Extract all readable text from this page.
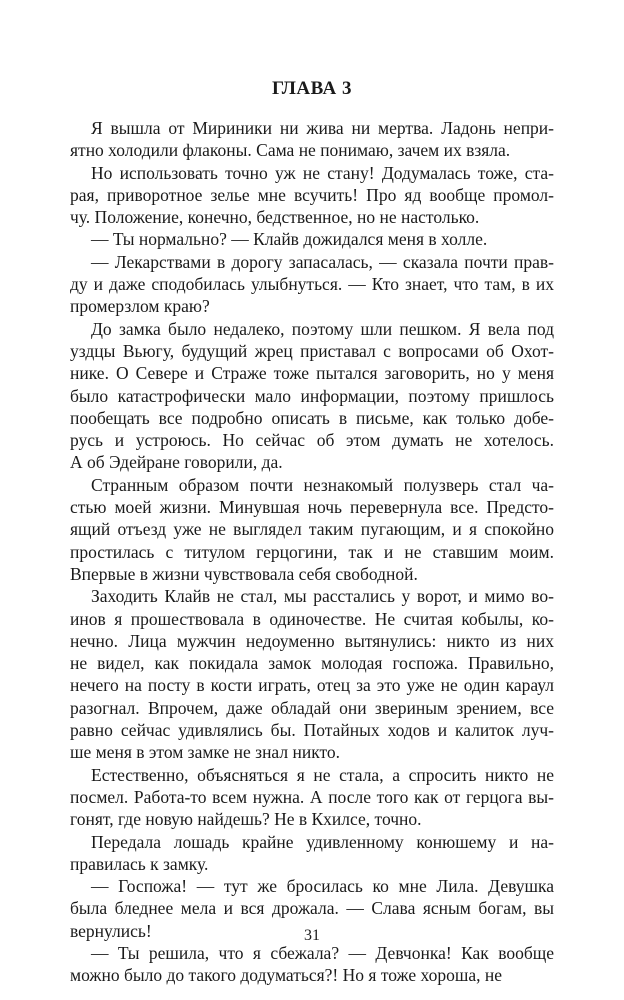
ГЛАВА 3

Я вышла от Мириники ни жива ни мертва. Ладонь непри-
ятно холодили флаконы. Сама не понимаю, зачем их взяла.

Но использовать точно уж не стану! Додумалась тоже, ста-
рая, приворотное зелье мне всучить! Про яд вообще промол-
чу. Положение, конечно, бедственное, но не настолько.

— Ты нормально? — Клайв дожидался меня в холле.

— Лекарствами в дорогу запасалась, — сказала почти прав-
ду и даже сподобилась улыбнуться. — Кто знает, что там, в их
промерзлом краю?

До замка было недалеко, поэтому шли пешком. Я вела под
уздцы Вьюгу, будущий жрец приставал с вопросами об Охот-
нике. О Севере и Страже тоже пытался заговорить, но у меня
было катастрофически мало информации, поэтому пришлось
пообещать все подробно описать в письме, как только добе-
русь и устроюсь. Но сейчас об этом думать не хотелось.
А об Эдейране говорили, да.

Странным образом почти незнакомый полузверь стал ча-
стью моей жизни. Минувшая ночь перевернула все. Предсто-
ящий отъезд уже не выглядел таким пугающим, и я спокойно
простилась с титулом герцогини, так и не ставшим моим.
Впервые в жизни чувствовала себя свободной.

Заходить Клайв не стал, мы расстались у ворот, и мимо во-
инов я прошествовала в одиночестве. Не считая кобылы, ко-
нечно. Лица мужчин недоуменно вытянулись: никто из них
не видел, как покидала замок молодая госпожа. Правильно,
нечего на посту в кости играть, отец за это уже не один караул
разогнал. Впрочем, даже обладай они звериным зрением, все
равно сейчас удивлялись бы. Потайных ходов и калиток луч-
ше меня в этом замке не знал никто.

Естественно, объясняться я не стала, а спросить никто не
посмел. Работа-то всем нужна. А после того как от герцога вы-
гонят, где новую найдешь? Не в Кхилсе, точно.

Передала лошадь крайне удивленному конюшему и на-
правилась к замку.

— Госпожа! — тут же бросилась ко мне Лила. Девушка
была бледнее мела и вся дрожала. — Слава ясным богам, вы
вернулись!

— Ты решила, что я сбежала? — Девчонка! Как вообще
можно было до такого додуматься?! Но я тоже хороша, не

31
